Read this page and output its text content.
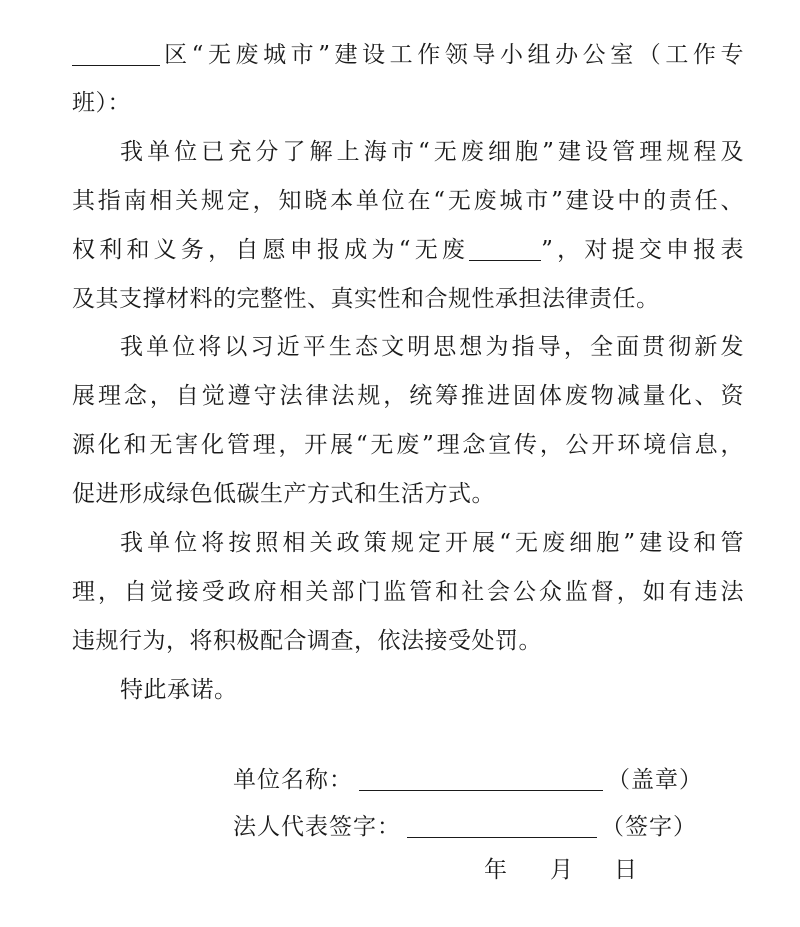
区“无废城市”建设工作领导小组办公室（工作专
班）：
我单位已充分了解上海市“无废细胞”建设管理规程及
其指南相关规定，知晓本单位在“无废城市”建设中的责任、
权利和义务，自愿申报成为“无废	”，对提交申报表
及其支撑材料的完整性、真实性和合规性承担法律责任。
我单位将以习近平生态文明思想为指导，全面贯彻新发
展理念，自觉遵守法律法规，统筹推进固体废物减量化、资
源化和无害化管理，开展“无废”理念宣传，公开环境信息，
促进形成绿色低碳生产方式和生活方式。
我单位将按照相关政策规定开展“无废细胞”建设和管
理，自觉接受政府相关部门监管和社会公众监督，如有违法
违规行为，将积极配合调查，依法接受处罚。
特此承诺。
单位名称：	（盖章）
法人代表签字：	（签字）
年 月 日
